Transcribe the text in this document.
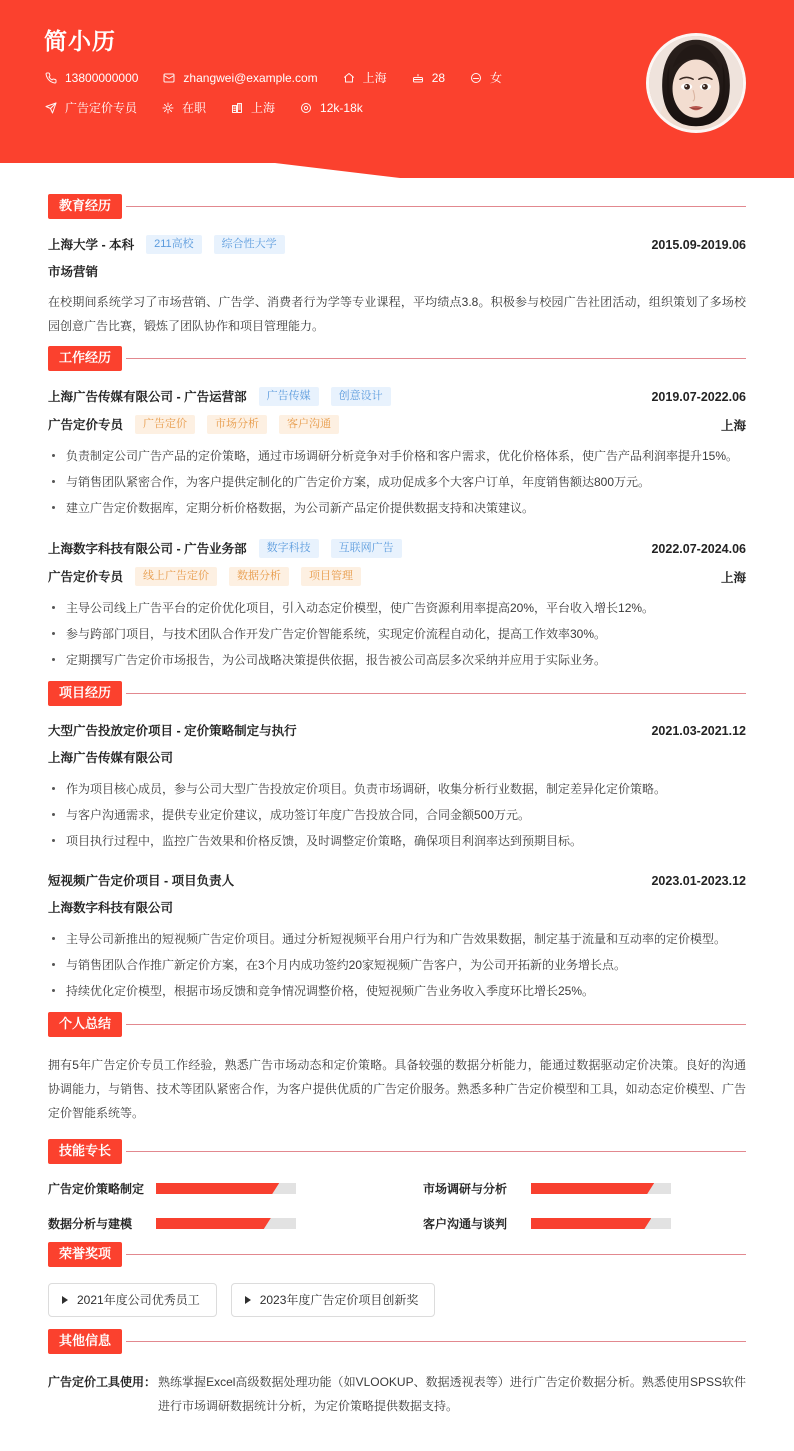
简小历
13800000000	zhangwei@example.com	上海	28	女
广告定价专员	在职	上海	12k-18k
教育经历
上海大学 - 本科	211高校	综合性大学	2015.09-2019.06
市场营销
在校期间系统学习了市场营销、广告学、消费者行为学等专业课程，平均绩点3.8。积极参与校园广告社团活动，组织策划了多场校园创意广告比赛，锻炼了团队协作和项目管理能力。
工作经历
上海广告传媒有限公司 - 广告运营部	广告传媒	创意设计	2019.07-2022.06
广告定价专员	广告定价	市场分析	客户沟通	上海
负责制定公司广告产品的定价策略，通过市场调研分析竞争对手价格和客户需求，优化价格体系，使广告产品利润率提升15%。
与销售团队紧密合作，为客户提供定制化的广告定价方案，成功促成多个大客户订单，年度销售额达800万元。
建立广告定价数据库，定期分析价格数据，为公司新产品定价提供数据支持和决策建议。
上海数字科技有限公司 - 广告业务部	数字科技	互联网广告	2022.07-2024.06
广告定价专员	线上广告定价	数据分析	项目管理	上海
主导公司线上广告平台的定价优化项目，引入动态定价模型，使广告资源利用率提高20%，平台收入增长12%。
参与跨部门项目，与技术团队合作开发广告定价智能系统，实现定价流程自动化，提高工作效率30%。
定期撰写广告定价市场报告，为公司战略决策提供依据，报告被公司高层多次采纳并应用于实际业务。
项目经历
大型广告投放定价项目 - 定价策略制定与执行	2021.03-2021.12
上海广告传媒有限公司
作为项目核心成员，参与公司大型广告投放定价项目。负责市场调研，收集分析行业数据，制定差异化定价策略。
与客户沟通需求，提供专业定价建议，成功签订年度广告投放合同，合同金额500万元。
项目执行过程中，监控广告效果和价格反馈，及时调整定价策略，确保项目利润率达到预期目标。
短视频广告定价项目 - 项目负责人	2023.01-2023.12
上海数字科技有限公司
主导公司新推出的短视频广告定价项目。通过分析短视频平台用户行为和广告效果数据，制定基于流量和互动率的定价模型。
与销售团队合作推广新定价方案，在3个月内成功签约20家短视频广告客户，为公司开拓新的业务增长点。
持续优化定价模型，根据市场反馈和竞争情况调整价格，使短视频广告业务收入季度环比增长25%。
个人总结
拥有5年广告定价专员工作经验，熟悉广告市场动态和定价策略。具备较强的数据分析能力，能通过数据驱动定价决策。良好的沟通协调能力，与销售、技术等团队紧密合作，为客户提供优质的广告定价服务。熟悉多种广告定价模型和工具，如动态定价模型、广告定价智能系统等。
技能专长
广告定价策略制定	市场调研与分析
数据分析与建模	客户沟通与谈判
荣誉奖项
2021年度公司优秀员工	2023年度广告定价项目创新奖
其他信息
广告定价工具使用： 熟练掌握Excel高级数据处理功能（如VLOOKUP、数据透视表等）进行广告定价数据分析。熟悉使用SPSS软件进行市场调研数据统计分析，为定价策略提供数据支持。
